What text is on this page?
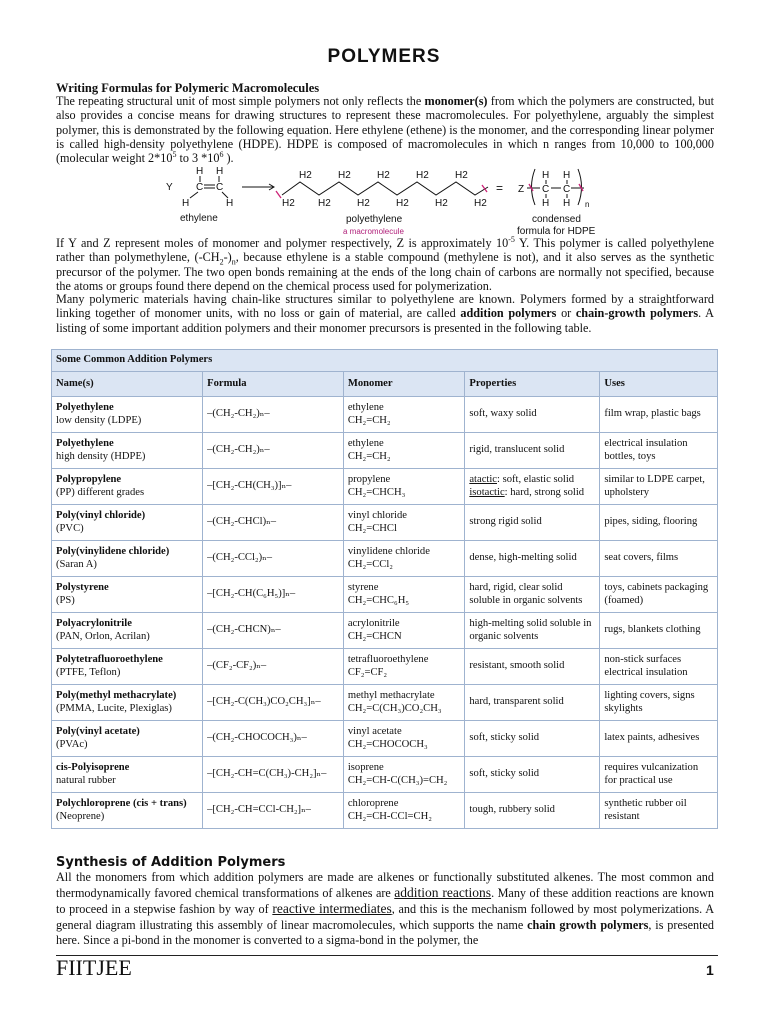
POLYMERS
Writing Formulas for Polymeric Macromolecules
The repeating structural unit of most simple polymers not only reflects the monomer(s) from which the polymers are constructed, but also provides a concise means for drawing structures to represent these macromolecules. For polyethylene, arguably the simplest polymer, this is demonstrated by the following equation. Here ethylene (ethene) is the monomer, and the corresponding linear polymer is called high-density polyethylene (HDPE). HDPE is composed of macromolecules in which n ranges from 10,000 to 100,000 (molecular weight $2*10^5$ to 3 $*10^6$ ).
Y
H H
C C
H	H
ethylene
H2	H2	H2	H2	H2
H2 H2	H2	H2	H2	H2
polyethylene
a macromolecule
= Z
H H
C C
H H n
condensed
formula for HDPE
If Y and Z represent moles of monomer and polymer respectively, Z is approximately $10^{-5}$ Y. This polymer is called polyethylene rather than polymethylene, $(-CH_2-)_n$, because ethylene is a stable compound (methylene is not), and it also serves as the synthetic precursor of the polymer. The two open bonds remaining at the ends of the long chain of carbons are normally not specified, because the atoms or groups found there depend on the chemical process used for polymerization.
Many polymeric materials having chain-like structures similar to polyethylene are known. Polymers formed by a straightforward linking together of monomer units, with no loss or gain of material, are called addition polymers or chain-growth polymers. A listing of some important addition polymers and their monomer precursors is presented in the following table.
Some Common Addition Polymers				
Name(s)	Formula	Monomer	Properties	Uses
Polyethylene
low density (LDPE)	–(CH₂-CH₂)ₙ–	ethylene
CH₂=CH₂	soft, waxy solid	film wrap, plastic bags
Polyethylene
high density (HDPE)	–(CH₂-CH₂)ₙ–	ethylene
CH₂=CH₂	rigid, translucent solid	electrical insulation bottles, toys
Polypropylene
(PP) different grades	–[CH₂-CH(CH₃)]ₙ–	propylene
CH₂=CHCH₃	atactic: soft, elastic solid
isotactic: hard, strong solid	similar to LDPE carpet, upholstery
Poly(vinyl chloride)
(PVC)	–(CH₂-CHCl)ₙ–	vinyl chloride
CH₂=CHCl	strong rigid solid	pipes, siding, flooring
Poly(vinylidene chloride)
(Saran A)	–(CH₂-CCl₂)ₙ–	vinylidene chloride
CH₂=CCl₂	dense, high-melting solid	seat covers, films
Polystyrene
(PS)	–[CH₂-CH(C₆H₅)]ₙ–	styrene
CH₂=CHC₆H₅	hard, rigid, clear solid soluble in organic solvents	toys, cabinets packaging (foamed)
Polyacrylonitrile
(PAN, Orlon, Acrilan)	–(CH₂-CHCN)ₙ–	acrylonitrile
CH₂=CHCN	high-melting solid soluble in organic solvents	rugs, blankets clothing
Polytetrafluoroethylene
(PTFE, Teflon)	–(CF₂-CF₂)ₙ–	tetrafluoroethylene
CF₂=CF₂	resistant, smooth solid	non-stick surfaces electrical insulation
Poly(methyl methacrylate)
(PMMA, Lucite, Plexiglas)	–[CH₂-C(CH₃)CO₂CH₃]ₙ–	methyl methacrylate
CH₂=C(CH₃)CO₂CH₃	hard, transparent solid	lighting covers, signs skylights
Poly(vinyl acetate)
(PVAc)	–(CH₂-CHOCOCH₃)ₙ–	vinyl acetate
CH₂=CHOCOCH₃	soft, sticky solid	latex paints, adhesives
cis-Polyisoprene
natural rubber	–[CH₂-CH=C(CH₃)-CH₂]ₙ–	isoprene
CH₂=CH-C(CH₃)=CH₂	soft, sticky solid	requires vulcanization for practical use
Polychloroprene (cis + trans)
(Neoprene)	–[CH₂-CH=CCl-CH₂]ₙ–	chloroprene
CH₂=CH-CCl=CH₂	tough, rubbery solid	synthetic rubber oil resistant
Synthesis of Addition Polymers
All the monomers from which addition polymers are made are alkenes or functionally substituted alkenes. The most common and thermodynamically favored chemical transformations of alkenes are addition reactions. Many of these addition reactions are known to proceed in a stepwise fashion by way of reactive intermediates, and this is the mechanism followed by most polymerizations. A general diagram illustrating this assembly of linear macromolecules, which supports the name chain growth polymers, is presented here. Since a pi-bond in the monomer is converted to a sigma-bond in the polymer, the
FIITJEE	1
